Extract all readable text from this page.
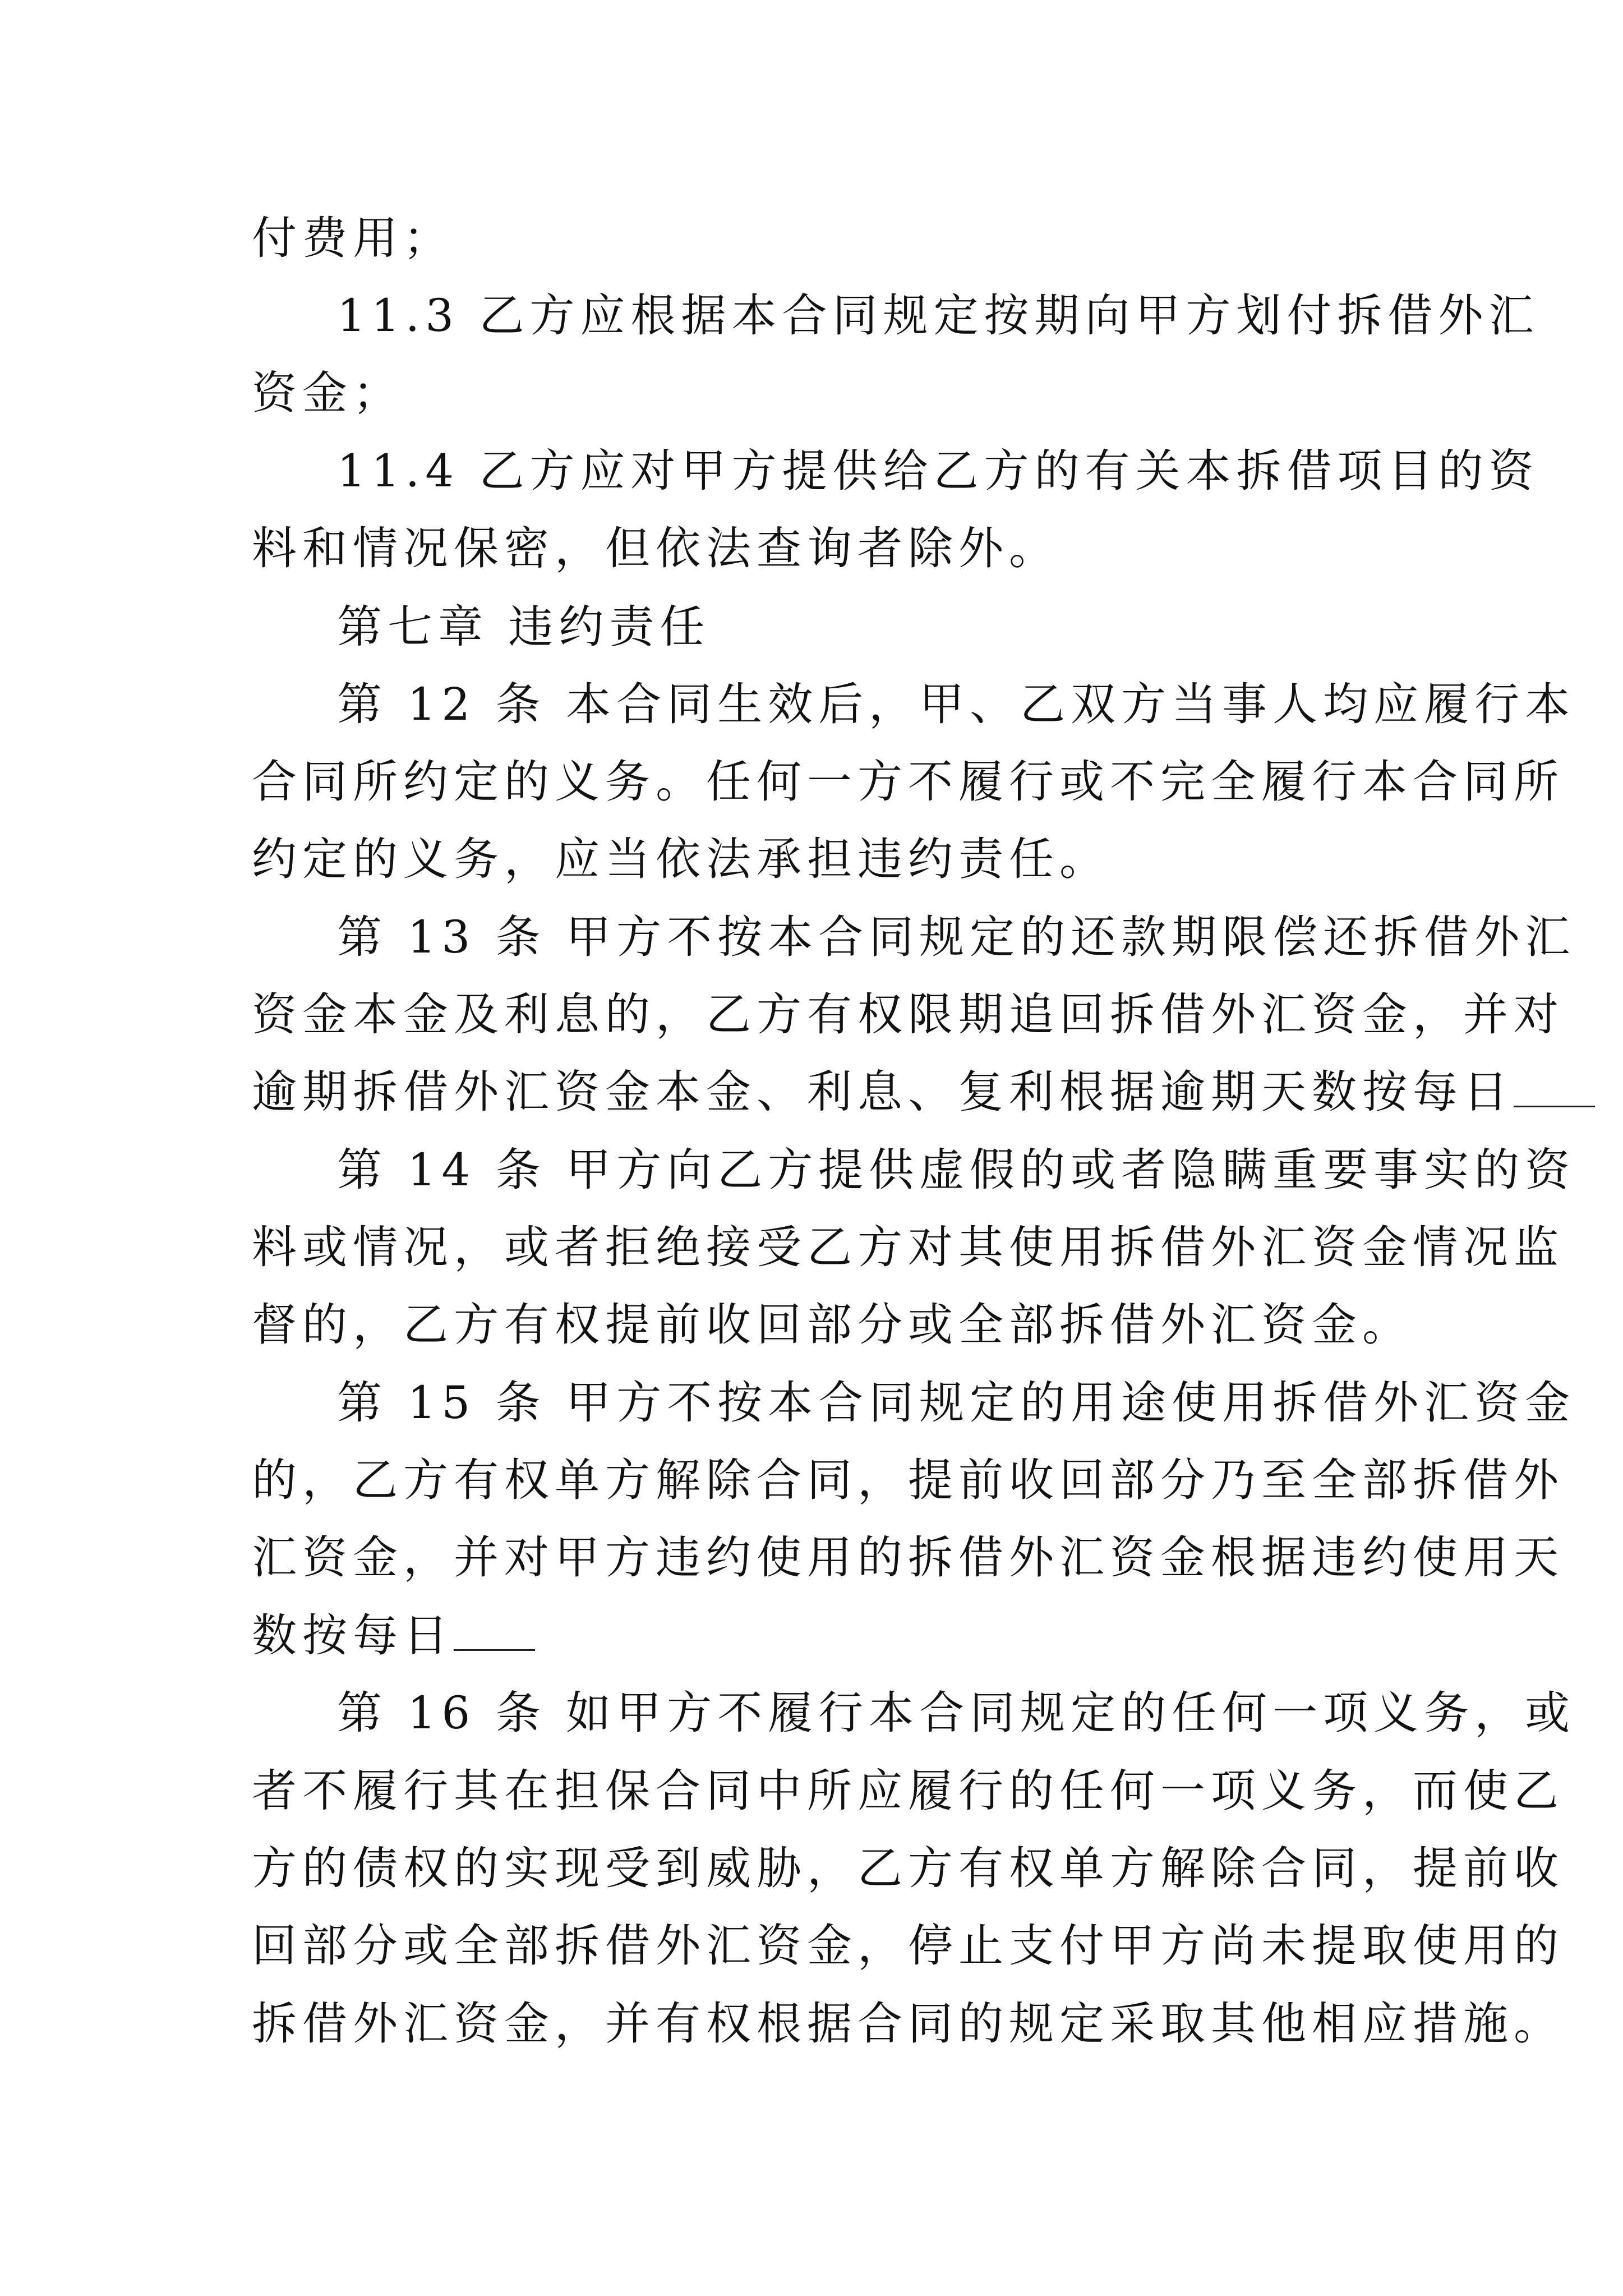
付费用；
11.3 乙方应根据本合同规定按期向甲方划付拆借外汇
资金；
11.4 乙方应对甲方提供给乙方的有关本拆借项目的资
料和情况保密，但依法查询者除外。
第七章 违约责任
第 12 条 本合同生效后，甲、乙双方当事人均应履行本
合同所约定的义务。任何一方不履行或不完全履行本合同所
约定的义务，应当依法承担违约责任。
第 13 条 甲方不按本合同规定的还款期限偿还拆借外汇
资金本金及利息的，乙方有权限期追回拆借外汇资金，并对
逾期拆借外汇资金本金、利息、复利根据逾期天数按每日
第 14 条 甲方向乙方提供虚假的或者隐瞒重要事实的资
料或情况，或者拒绝接受乙方对其使用拆借外汇资金情况监
督的，乙方有权提前收回部分或全部拆借外汇资金。
第 15 条 甲方不按本合同规定的用途使用拆借外汇资金
的，乙方有权单方解除合同，提前收回部分乃至全部拆借外
汇资金，并对甲方违约使用的拆借外汇资金根据违约使用天
数按每日
第 16 条 如甲方不履行本合同规定的任何一项义务，或
者不履行其在担保合同中所应履行的任何一项义务，而使乙
方的债权的实现受到威胁，乙方有权单方解除合同，提前收
回部分或全部拆借外汇资金，停止支付甲方尚未提取使用的
拆借外汇资金，并有权根据合同的规定采取其他相应措施。
